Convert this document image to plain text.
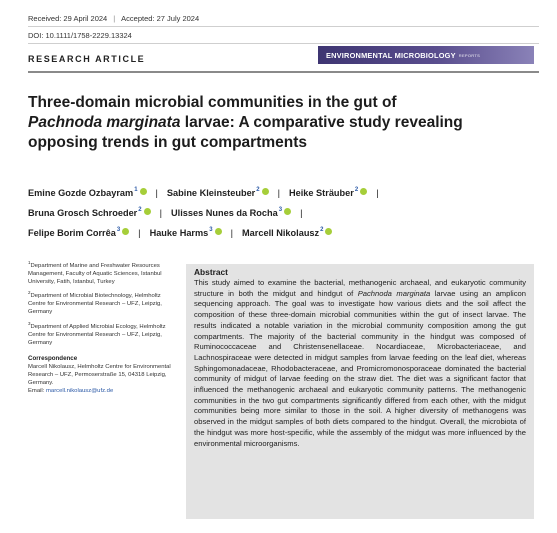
Received: 29 April 2024 | Accepted: 27 July 2024
DOI: 10.1111/1758-2229.13324
RESEARCH ARTICLE	ENVIRONMENTAL MICROBIOLOGY REPORTS
Three-domain microbial communities in the gut of
Pachnoda marginata larvae: A comparative study revealing opposing trends in gut compartments
Emine Gozde Ozbayram$^1$ | Sabine Kleinsteuber$^2$ | Heike Sträuber$^2$ |
Bruna Grosch Schroeder$^2$ | Ulisses Nunes da Rocha$^3$ |
Felipe Borim Corrêa$^3$ | Hauke Harms$^3$ | Marcell Nikolausz$^2$

$^1$Department of Marine and Freshwater Resources Management, Faculty of Aquatic Sciences, Istanbul University, Fatih, Istanbul, Turkey

$^2$Department of Microbial Biotechnology, Helmholtz Centre for Environmental Research – UFZ, Leipzig, Germany

$^3$Department of Applied Microbial Ecology, Helmholtz Centre for Environmental Research – UFZ, Leipzig, Germany

Correspondence
Marcell Nikolausz, Helmholtz Centre for Environmental Research – UFZ, Permoserstraße 15, 04318 Leipzig, Germany.
Email: marcell.nikolausz@ufz.de
Abstract

This study aimed to examine the bacterial, methanogenic archaeal, and eukaryotic community structure in both the midgut and hindgut of Pachnoda marginata larvae using an amplicon sequencing approach. The goal was to investigate how various diets and the soil affect the composition of these three-domain microbial communities within the gut of insect larvae. The results indicated a notable variation in the microbial community composition among the gut compartments. The majority of the bacterial community in the hindgut was composed of Ruminococcaceae and Christensenellaceae. Nocardiaceae, Microbacteriaceae, and Lachnospiraceae were detected in midgut samples from larvae feeding on the leaf diet, whereas Sphingomonadaceae, Rhodobacteraceae, and Promicromonosporaceae dominated the bacterial community of midgut of larvae feeding on the straw diet. The diet was a significant factor that influenced the methanogenic archaeal and eukaryotic community patterns. The methanogenic communities in the two gut compartments significantly differed from each other, with the midgut communities being more similar to those in the soil. A higher diversity of methanogens was observed in the midgut samples of both diets compared to the hindgut. Overall, the microbiota of the hindgut was more host-specific, while the assembly of the midgut was more influenced by the environmental microorganisms.
